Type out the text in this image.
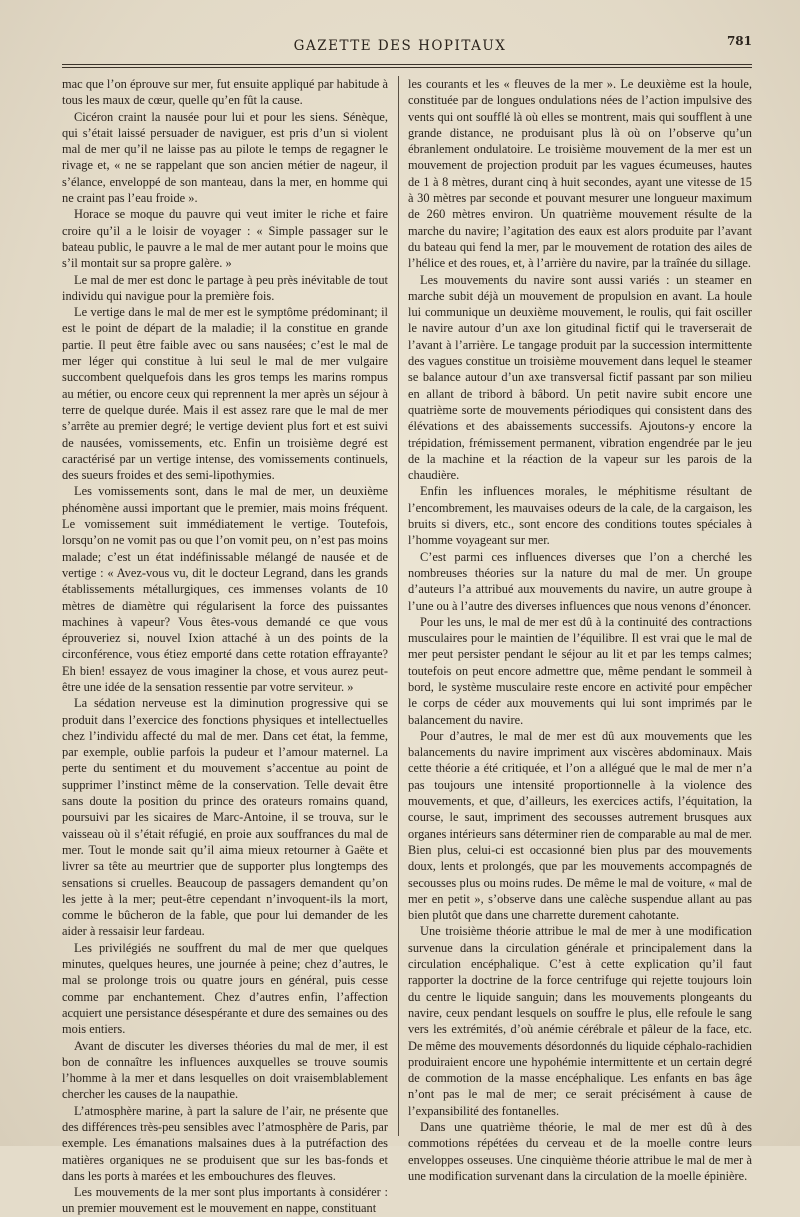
GAZETTE DES HOPITAUX	781

mac que l’on éprouve sur mer, fut ensuite appliqué par habitude à tous les maux de cœur, quelle qu’en fût la cause.

Cicéron craint la nausée pour lui et pour les siens. Sénèque, qui s’était laissé persuader de naviguer, est pris d’un si violent mal de mer qu’il ne laisse pas au pilote le temps de regagner le rivage et, « ne se rappelant que son ancien métier de nageur, il s’élance, enveloppé de son manteau, dans la mer, en homme qui ne craint pas l’eau froide ».

Horace se moque du pauvre qui veut imiter le riche et faire croire qu’il a le loisir de voyager : « Simple passager sur le bateau public, le pauvre a le mal de mer autant pour le moins que s’il montait sur sa propre galère. »

Le mal de mer est donc le partage à peu près inévitable de tout individu qui navigue pour la première fois.

Le vertige dans le mal de mer est le symptôme prédominant; il est le point de départ de la maladie; il la constitue en grande partie. Il peut être faible avec ou sans nausées; c’est le mal de mer léger qui constitue à lui seul le mal de mer vulgaire succombent quelquefois dans les gros temps les marins rompus au métier, ou encore ceux qui reprennent la mer après un séjour à terre de quelque durée. Mais il est assez rare que le mal de mer s’arrête au premier degré; le vertige devient plus fort et est suivi de nausées, vomissements, etc. Enfin un troisième degré est caractérisé par un vertige intense, des vomissements continuels, des sueurs froides et des semi-lipothymies.

Les vomissements sont, dans le mal de mer, un deuxième phénomène aussi important que le premier, mais moins fréquent. Le vomissement suit immédiatement le vertige. Toutefois, lorsqu’on ne vomit pas ou que l’on vomit peu, on n’est pas moins malade; c’est un état indéfinissable mélangé de nausée et de vertige : « Avez-vous vu, dit le docteur Legrand, dans les grands établissements métallurgiques, ces immenses volants de 10 mètres de diamètre qui régularisent la force des puissantes machines à vapeur? Vous êtes-vous demandé ce que vous éprouveriez si, nouvel Ixion attaché à un des points de la circonférence, vous étiez emporté dans cette rotation effrayante? Eh bien! essayez de vous imaginer la chose, et vous aurez peut-être une idée de la sensation ressentie par votre serviteur. »

La sédation nerveuse est la diminution progressive qui se produit dans l’exercice des fonctions physiques et intellectuelles chez l’individu affecté du mal de mer. Dans cet état, la femme, par exemple, oublie parfois la pudeur et l’amour maternel. La perte du sentiment et du mouvement s’accentue au point de supprimer l’instinct même de la conservation. Telle devait être sans doute la position du prince des orateurs romains quand, poursuivi par les sicaires de Marc-Antoine, il se trouva, sur le vaisseau où il s’était réfugié, en proie aux souffrances du mal de mer. Tout le monde sait qu’il aima mieux retourner à Gaëte et livrer sa tête au meurtrier que de supporter plus longtemps des sensations si cruelles. Beaucoup de passagers demandent qu’on les jette à la mer; peut-être cependant n’invoquent-ils la mort, comme le bûcheron de la fable, que pour lui demander de les aider à ressaisir leur fardeau.

Les privilégiés ne souffrent du mal de mer que quelques minutes, quelques heures, une journée à peine; chez d’autres, le mal se prolonge trois ou quatre jours en général, puis cesse comme par enchantement. Chez d’autres enfin, l’affection acquiert une persistance désespérante et dure des semaines ou des mois entiers.

Avant de discuter les diverses théories du mal de mer, il est bon de connaître les influences auxquelles se trouve soumis l’homme à la mer et dans lesquelles on doit vraisemblablement chercher les causes de la naupathie.

L’atmosphère marine, à part la salure de l’air, ne présente que des différences très-peu sensibles avec l’atmosphère de Paris, par exemple. Les émanations malsaines dues à la putréfaction des matières organiques ne se produisent que sur les bas-fonds et dans les ports à marées et les embouchures des fleuves.

Les mouvements de la mer sont plus importants à considérer : un premier mouvement est le mouvement en nappe, constituant

les courants et les « fleuves de la mer ». Le deuxième est la houle, constituée par de longues ondulations nées de l’action impulsive des vents qui ont soufflé là où elles se montrent, mais qui soufflent à une grande distance, ne produisant plus là où on l’observe qu’un ébranlement ondulatoire. Le troisième mouvement de la mer est un mouvement de projection produit par les vagues écumeuses, hautes de 1 à 8 mètres, durant cinq à huit secondes, ayant une vitesse de 15 à 30 mètres par seconde et pouvant mesurer une longueur maximum de 260 mètres environ. Un quatrième mouvement résulte de la marche du navire; l’agitation des eaux est alors produite par l’avant du bateau qui fend la mer, par le mouvement de rotation des ailes de l’hélice et des roues, et, à l’arrière du navire, par la traînée du sillage.

Les mouvements du navire sont aussi variés : un steamer en marche subit déjà un mouvement de propulsion en avant. La houle lui communique un deuxième mouvement, le roulis, qui fait osciller le navire autour d’un axe lon gitudinal fictif qui le traverserait de l’avant à l’arrière. Le tangage produit par la succession intermittente des vagues constitue un troisième mouvement dans lequel le steamer se balance autour d’un axe transversal fictif passant par son milieu en allant de tribord à bâbord. Un petit navire subit encore une quatrième sorte de mouvements périodiques qui consistent dans des élévations et des abaissements successifs. Ajoutons-y encore la trépidation, frémissement permanent, vibration engendrée par le jeu de la machine et la réaction de la vapeur sur les parois de la chaudière.

Enfin les influences morales, le méphitisme résultant de l’encombrement, les mauvaises odeurs de la cale, de la cargaison, les bruits si divers, etc., sont encore des conditions toutes spéciales à l’homme voyageant sur mer.

C’est parmi ces influences diverses que l’on a cherché les nombreuses théories sur la nature du mal de mer. Un groupe d’auteurs l’a attribué aux mouvements du navire, un autre groupe à l’une ou à l’autre des diverses influences que nous venons d’énoncer.

Pour les uns, le mal de mer est dû à la continuité des contractions musculaires pour le maintien de l’équilibre. Il est vrai que le mal de mer peut persister pendant le séjour au lit et par les temps calmes; toutefois on peut encore admettre que, même pendant le sommeil à bord, le système musculaire reste encore en activité pour empêcher le corps de céder aux mouvements qui lui sont imprimés par le balancement du navire.

Pour d’autres, le mal de mer est dû aux mouvements que les balancements du navire impriment aux viscères abdominaux. Mais cette théorie a été critiquée, et l’on a allégué que le mal de mer n’a pas toujours une intensité proportionnelle à la violence des mouvements, et que, d’ailleurs, les exercices actifs, l’équitation, la course, le saut, impriment des secousses autrement brusques aux organes intérieurs sans déterminer rien de comparable au mal de mer. Bien plus, celui-ci est occasionné bien plus par des mouvements doux, lents et prolongés, que par les mouvements accompagnés de secousses plus ou moins rudes. De même le mal de voiture, « mal de mer en petit », s’observe dans une calèche suspendue allant au pas bien plutôt que dans une charrette durement cahotante.

Une troisième théorie attribue le mal de mer à une modification survenue dans la circulation générale et principalement dans la circulation encéphalique. C’est à cette explication qu’il faut rapporter la doctrine de la force centrifuge qui rejette toujours loin du centre le liquide sanguin; dans les mouvements plongeants du navire, ceux pendant lesquels on souffre le plus, elle refoule le sang vers les extrémités, d’où anémie cérébrale et pâleur de la face, etc. De même des mouvements désordonnés du liquide céphalo-rachidien produiraient encore une hypohémie intermittente et un certain degré de commotion de la masse encéphalique. Les enfants en bas âge n’ont pas le mal de mer; ce serait précisément à cause de l’expansibilité des fontanelles.

Dans une quatrième théorie, le mal de mer est dû à des commotions répétées du cerveau et de la moelle contre leurs enveloppes osseuses. Une cinquième théorie attribue le mal de mer à une modification survenant dans la circulation de la moelle épinière.
